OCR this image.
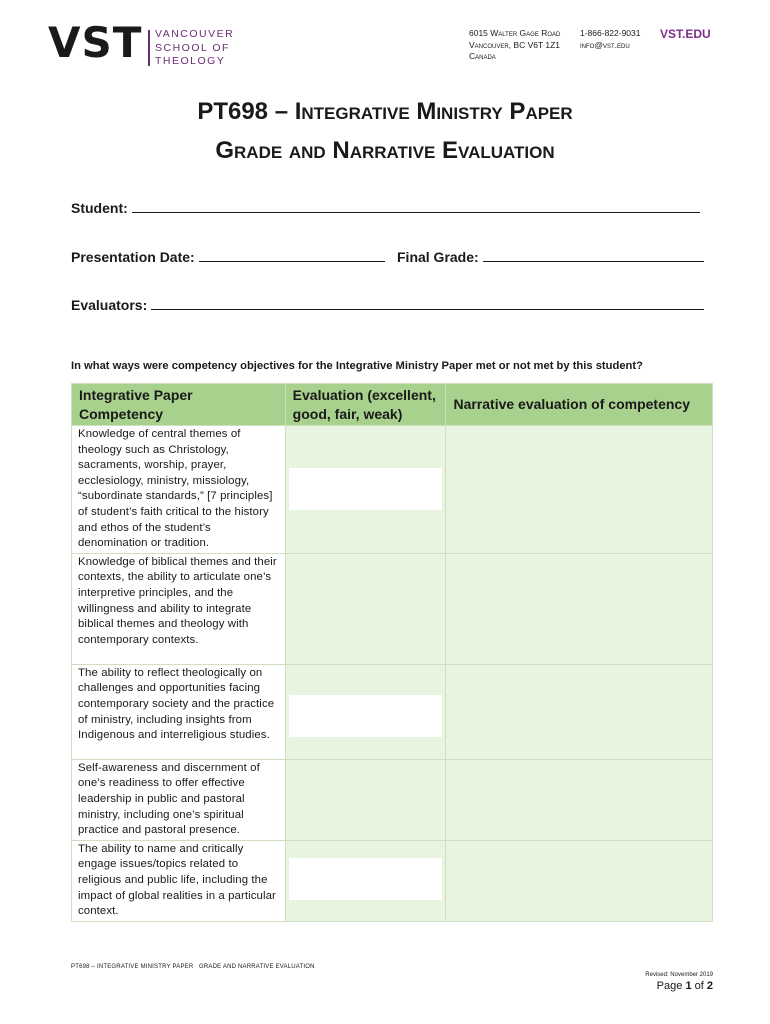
VST VANCOUVER
SCHOOL OF
THEOLOGY
6015 Walter Gage Road
Vancouver, BC V6T 1Z1
Canada
1-866-822-9031
info@vst.edu
VST.EDU
PT698 – Integrative Ministry Paper
Grade and Narrative Evaluation
Student:
Presentation Date:	Final Grade:
Evaluators:
In what ways were competency objectives for the Integrative Ministry Paper met or not met by this student?
Integrative Paper Competency	Evaluation (excellent, good, fair, weak)	Narrative evaluation of competency
Knowledge of central themes of theology such as Christology, sacraments, worship, prayer, ecclesiology, ministry, missiology, “subordinate standards,” [7 principles] of student’s faith critical to the history and ethos of the student’s denomination or tradition.	

Knowledge of biblical themes and their contexts, the ability to articulate one’s interpretive principles, and the willingness and ability to integrate biblical themes and theology with contemporary contexts.		
The ability to reflect theologically on challenges and opportunities facing contemporary society and the practice of ministry, including insights from Indigenous and interreligious studies.	

Self-awareness and discernment of one’s readiness to offer effective leadership in public and pastoral ministry, including one’s spiritual practice and pastoral presence.		
The ability to name and critically engage issues/topics related to religious and public life, including the impact of global realities in a particular context.	

PT698 – INTEGRATIVE MINISTRY PAPER GRADE AND NARRATIVE EVALUATION
Revised: November 2019
Page 1 of 2
